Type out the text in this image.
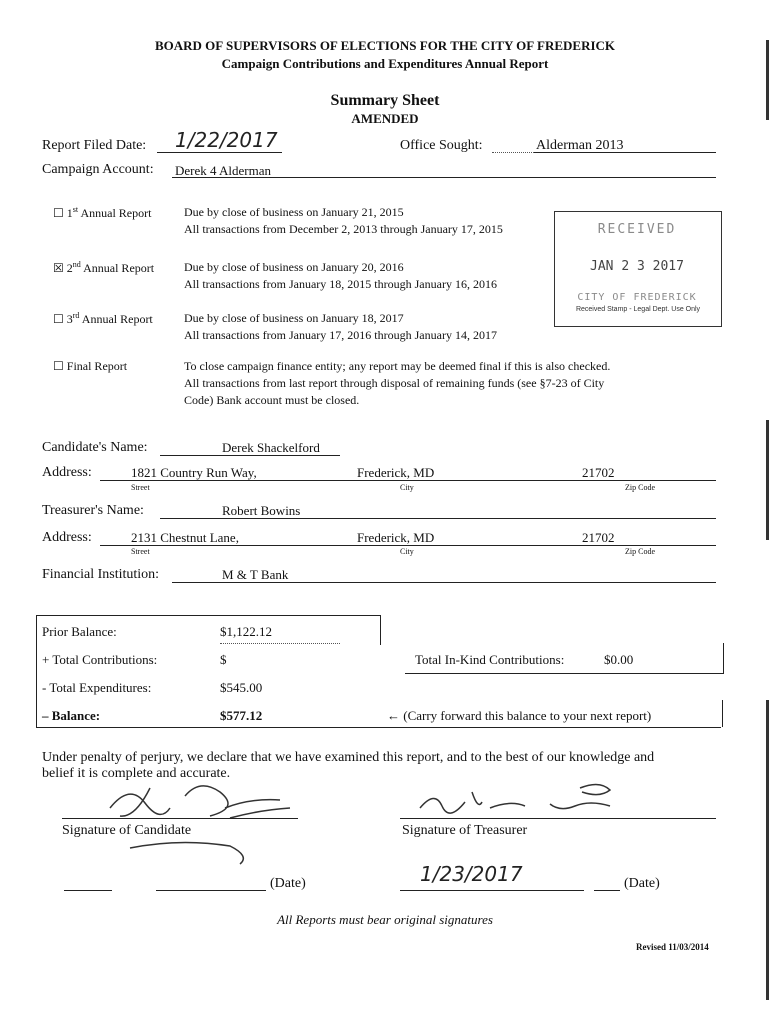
BOARD OF SUPERVISORS OF ELECTIONS FOR THE CITY OF FREDERICK
Campaign Contributions and Expenditures Annual Report
Summary Sheet
AMENDED
Report Filed Date: 1/22/2017	Office Sought:	Alderman 2013
Campaign Account: Derek 4 Alderman
☐ 1st Annual Report	Due by close of business on January 21, 2015
All transactions from December 2, 2013 through January 17, 2015
☒ 2nd Annual Report Due by close of business on January 20, 2016
All transactions from January 18, 2015 through January 16, 2016
☐ 3rd Annual Report	Due by close of business on January 18, 2017
All transactions from January 17, 2016 through January 14, 2017
RECEIVED
JAN 2 3 2017
CITY OF FREDERICK
Received Stamp - Legal Dept. Use Only
☐ Final Report	To close campaign finance entity; any report may be deemed final if this is also checked.
All transactions from last report through disposal of remaining funds (see §7-23 of City
Code) Bank account must be closed.
Candidate's Name:	Derek Shackelford
Address:	1821 Country Run Way,	Frederick, MD	21702
Street	City	Zip Code
Treasurer's Name:	Robert Bowins
Address:	2131 Chestnut Lane,	Frederick, MD	21702
Street	City	Zip Code
Financial Institution:	M & T Bank
Prior Balance:	$1,122.12
+ Total Contributions:	$
- Total Expenditures:	$545.00
– Balance:	$577.12
Total In-Kind Contributions:	$0.00
← (Carry forward this balance to your next report)
Under penalty of perjury, we declare that we have examined this report, and to the best of our knowledge and
belief it is complete and accurate.
Signature of Candidate	Signature of Treasurer
(Date)	1/23/2017	(Date)
All Reports must bear original signatures
Revised 11/03/2014
